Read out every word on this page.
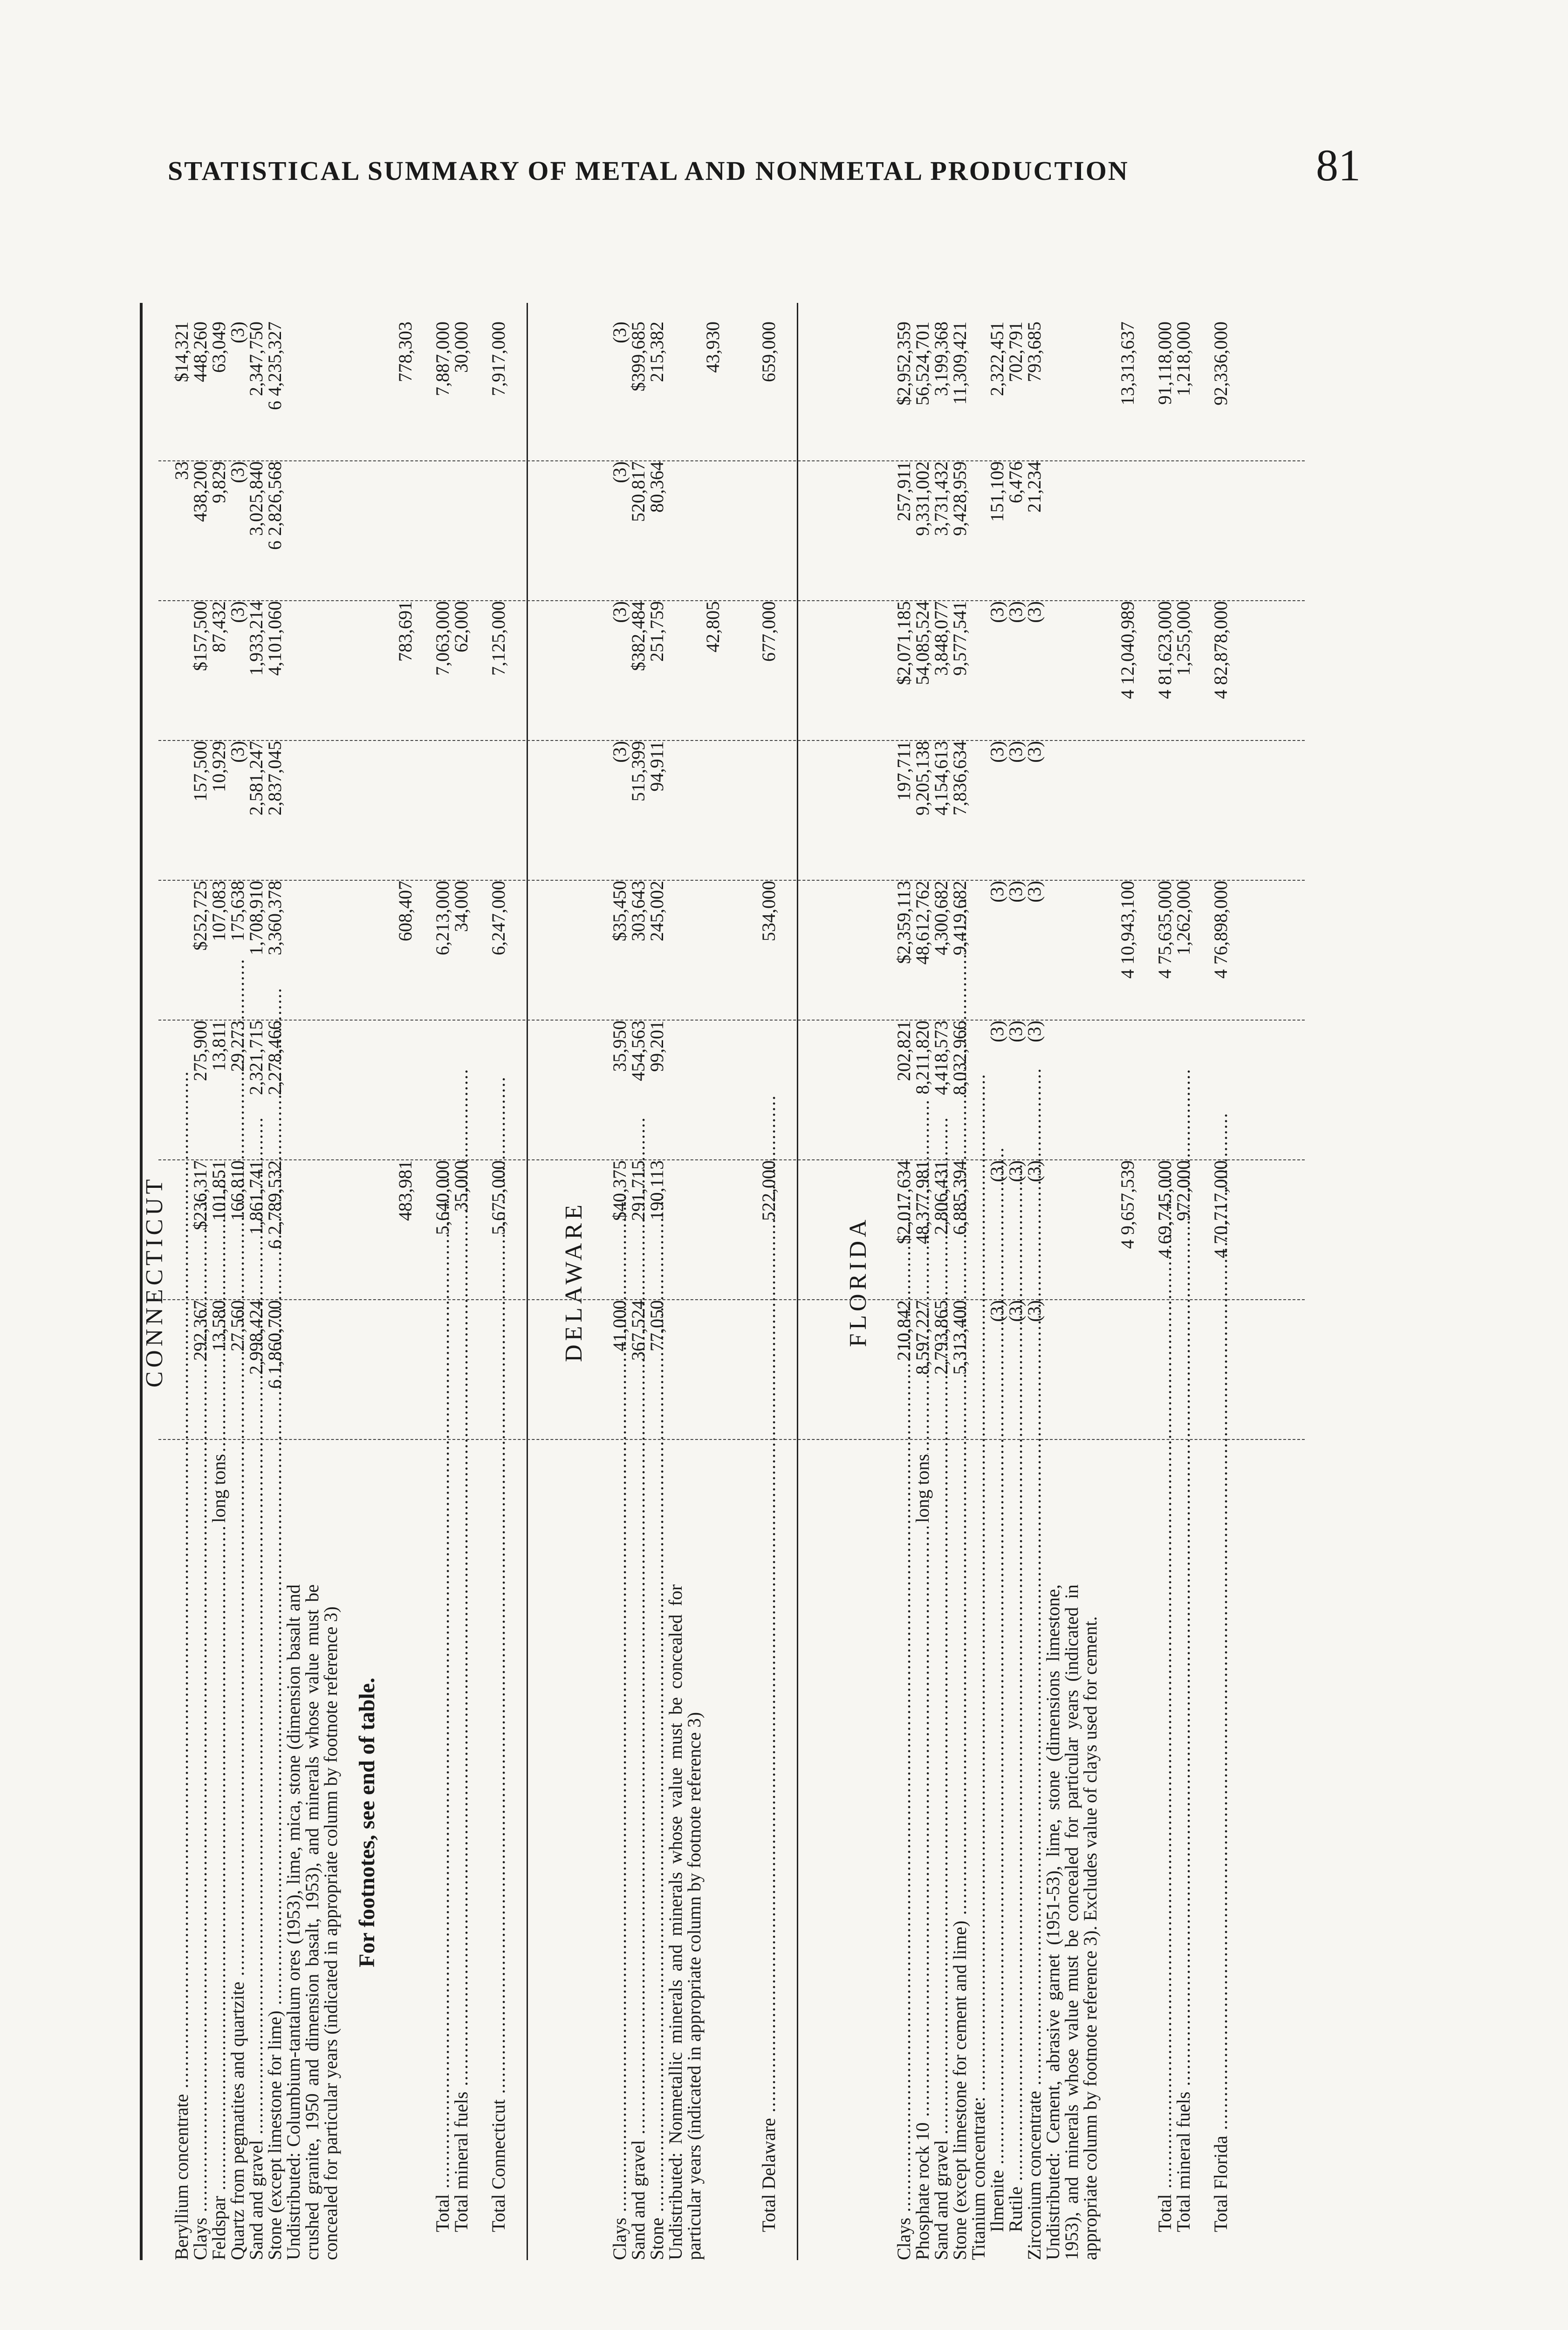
STATISTICAL SUMMARY OF METAL AND NONMETAL PRODUCTION	81
CONNECTICUT
Beryllium concentrate .....
33
$14,321
Clays .....
292,367
$236,317
275,900
$252,725
157,500
$157,500
438,200
448,260
Feldspar .....
long tons
13,580
101,851
13,811
107,083
10,929
87,432
9,829
63,049
Quartz from pegmatites and quartzite .....
27,560
166,810
29,273
175,638
(3)
(3)
(3)
(3)
Sand and gravel .....
2,998,424
1,861,741
2,321,715
1,708,910
2,581,247
1,933,214
3,025,840
2,347,750
Stone (except limestone for lime) .....
6 1,860,700
6 2,789,532
2,278,466
3,360,378
2,837,045
4,101,060
6 2,826,568
6 4,235,327
Undistributed: Columbium-tantalum ores (1953), lime, mica, stone (dimension basalt and crushed granite, 1950 and dimension basalt, 1953), and minerals whose value must be concealed for particular years (indicated in appropriate column by footnote reference 3)
483,981
608,407
783,691
778,303
Total .....
5,640,000
6,213,000
7,063,000
7,887,000
Total mineral fuels .....
35,000
34,000
62,000
30,000
Total Connecticut .....
5,675,000
6,247,000
7,125,000
7,917,000
DELAWARE
Clays .....
41,000
$40,375
35,950
$35,450
(3)
(3)
(3)
(3)
Sand and gravel .....
367,524
291,715
454,563
303,643
515,399
$382,484
520,817
$399,685
Stone .....
77,050
190,113
99,201
245,002
94,911
251,759
80,364
215,382
Undistributed: Nonmetallic minerals and minerals whose value must be concealed for particular years (indicated in appropriate column by footnote reference 3)
42,805
43,930
Total Delaware .....
522,000
534,000
677,000
659,000
FLORIDA
Clays .....
210,842
$2,017,634
202,821
$2,359,113
197,711
$2,071,185
257,911
$2,952,359
Phosphate rock 10 .....
long tons
8,597,227
48,377,981
8,211,820
48,612,762
9,205,138
54,085,524
9,331,002
56,524,701
Sand and gravel .....
2,793,865
2,806,431
4,418,573
4,300,682
4,154,613
3,848,077
3,731,432
3,199,368
Stone (except limestone for cement and lime) .....
5,313,400
6,885,394
8,032,966
9,419,682
7,836,634
9,577,541
9,428,959
11,309,421
Titanium concentrate: .....
Ilmenite .....
(3)
(3)
(3)
(3)
(3)
(3)
151,109
2,322,451
Rutile .....
(3)
(3)
(3)
(3)
(3)
(3)
6,476
702,791
Zirconium concentrate .....
(3)
(3)
(3)
(3)
(3)
(3)
21,234
793,685
Undistributed: Cement, abrasive garnet (1951-53), lime, stone (dimensions limestone, 1953), and minerals whose value must be concealed for particular years (indicated in appropriate column by footnote reference 3). Excludes value of clays used for cement.
4 9,657,539
4 10,943,100
4 12,040,989
13,313,637
Total .....
4 69,745,000
4 75,635,000
4 81,623,000
91,118,000
Total mineral fuels .....
972,000
1,262,000
1,255,000
1,218,000
Total Florida .....
4 70,717,000
4 76,898,000
4 82,878,000
92,336,000
For footnotes, see end of table.
